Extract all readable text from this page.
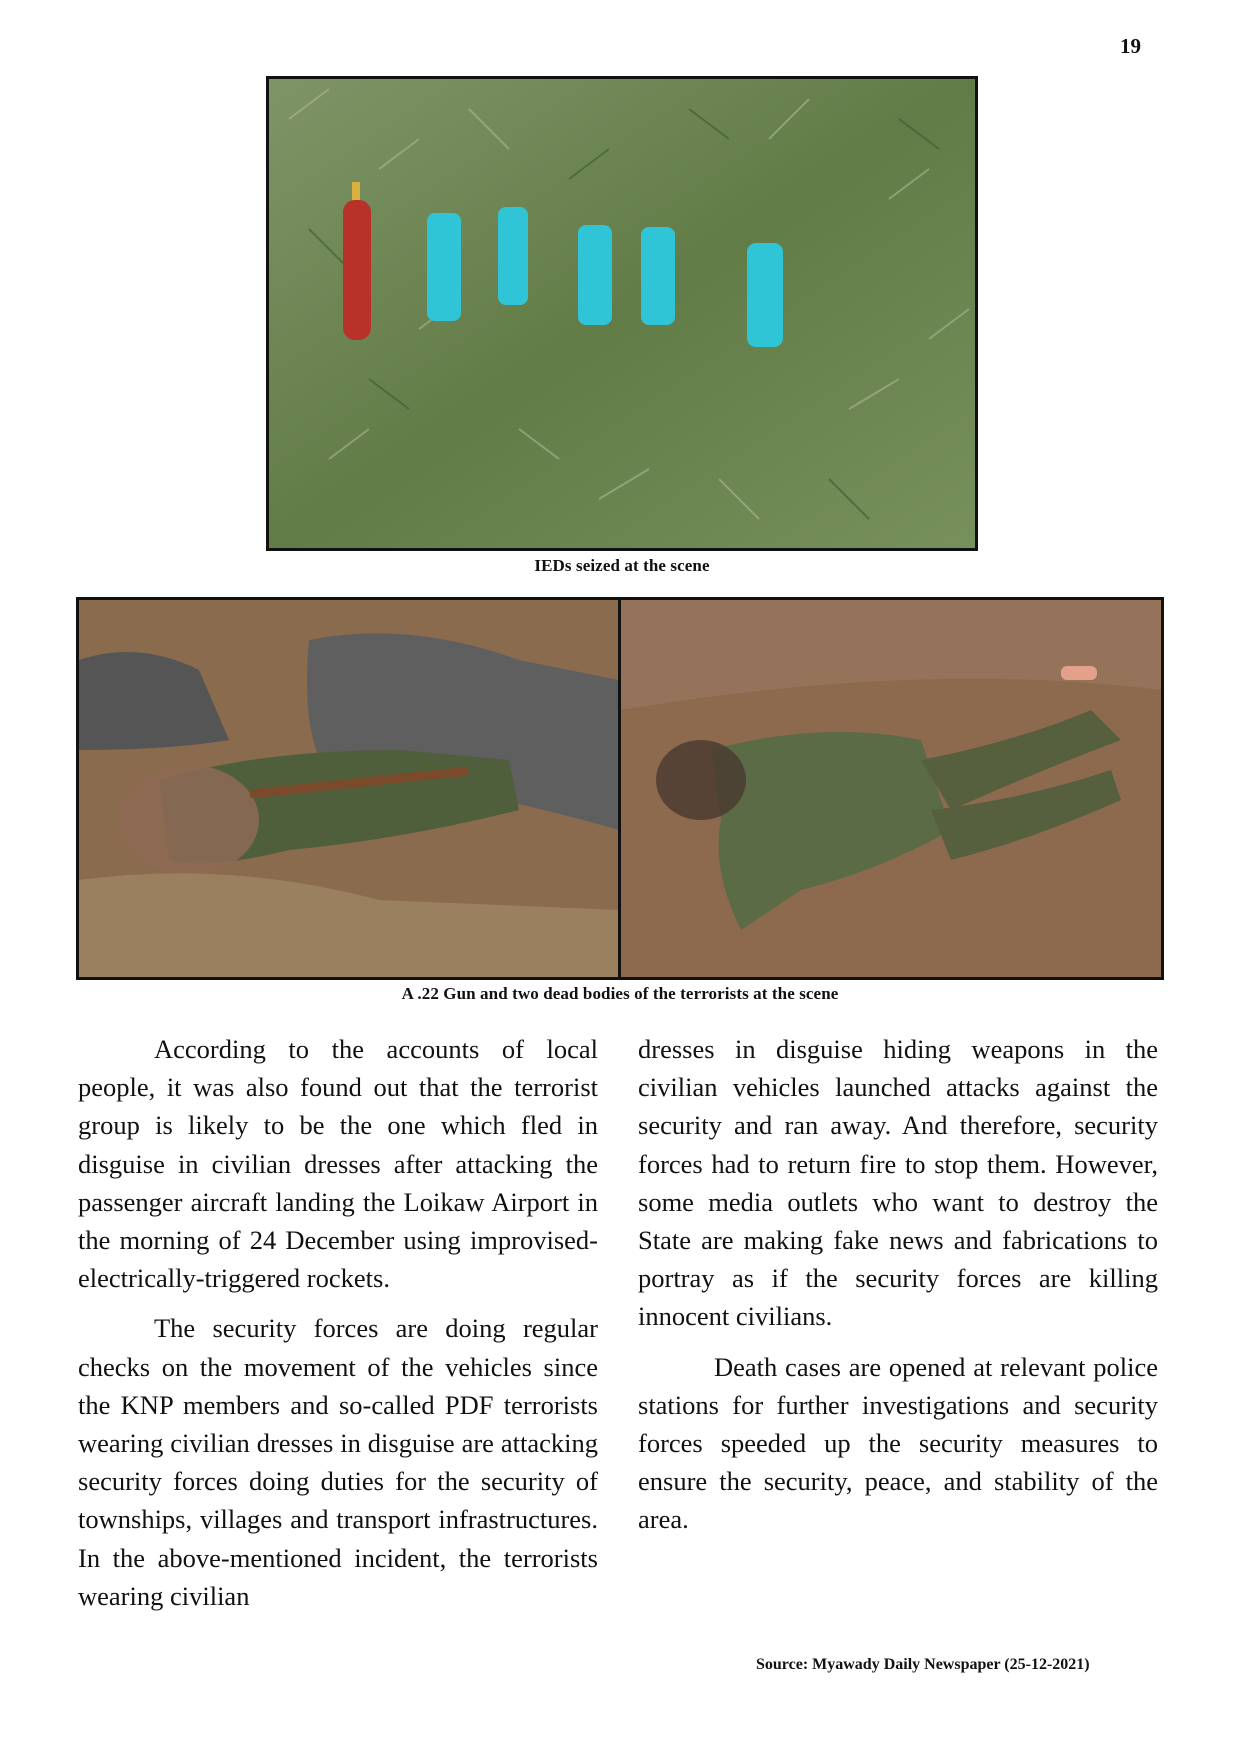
19
IEDs seized at the scene
A .22 Gun and two dead bodies of the terrorists at the scene

According to the accounts of local people, it was also found out that the terrorist group is likely to be the one which fled in disguise in civilian dresses after attacking the passenger aircraft landing the Loikaw Airport in the morning of 24 December using improvised-electrically-triggered rockets.

The security forces are doing regular checks on the movement of the vehicles since the KNP members and so-called PDF terrorists wearing civilian dresses in disguise are attacking security forces doing duties for the security of townships, villages and transport infrastructures. In the above-mentioned incident, the terrorists wearing civilian

dresses in disguise hiding weapons in the civilian vehicles launched attacks against the security and ran away. And therefore, security forces had to return fire to stop them. However, some media outlets who want to destroy the State are making fake news and fabrications to portray as if the security forces are killing innocent civilians.

Death cases are opened at relevant police stations for further investigations and security forces speeded up the security measures to ensure the security, peace, and stability of the area.

Source: Myawady Daily Newspaper (25-12-2021)
